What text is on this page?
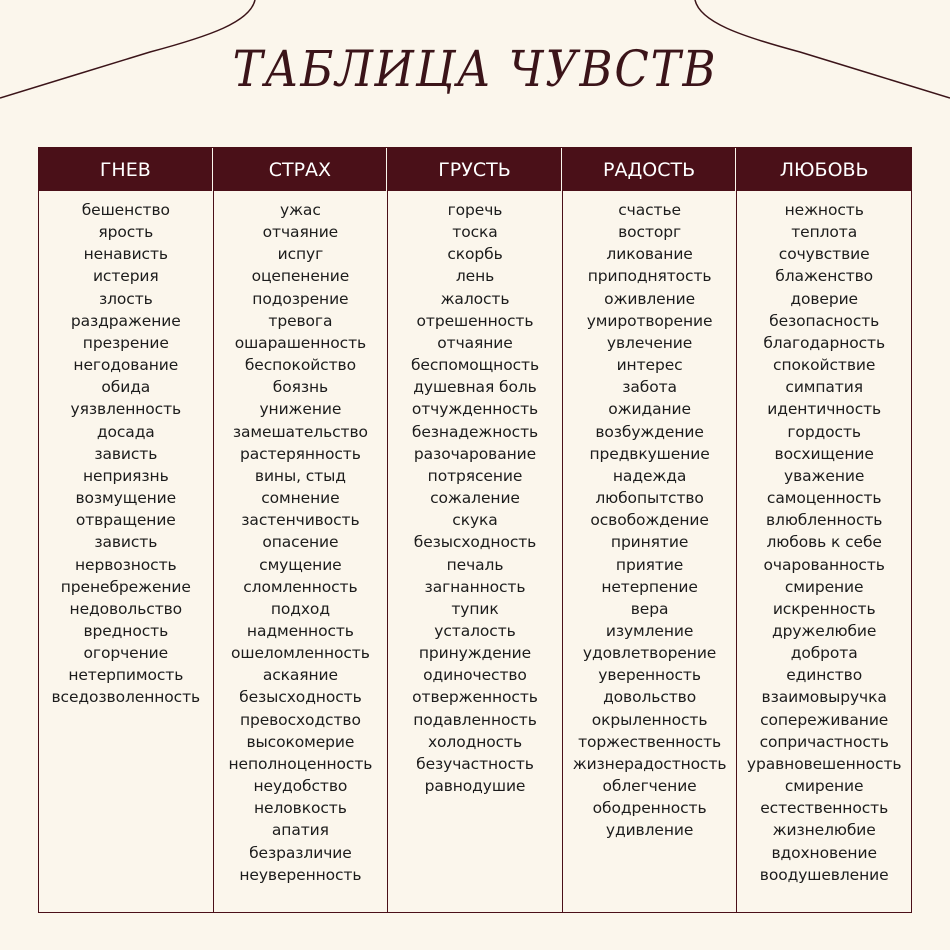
ТАБЛИЦА ЧУВСТВ
ГНЕВ
бешенство
ярость
ненависть
истерия
злость
раздражение
презрение
негодование
обида
уязвленность
досада
зависть
неприязнь
возмущение
отвращение
зависть
нервозность
пренебрежение
недовольство
вредность
огорчение
нетерпимость
вседозволенность
СТРАХ
ужас
отчаяние
испуг
оцепенение
подозрение
тревога
ошарашенность
беспокойство
боязнь
унижение
замешательство
растерянность
вины, стыд
сомнение
застенчивость
опасение
смущение
сломленность
подход
надменность
ошеломленность
аскаяние
безысходность
превосходство
высокомерие
неполноценность
неудобство
неловкость
апатия
безразличие
неуверенность
ГРУСТЬ
горечь
тоска
скорбь
лень
жалость
отрешенность
отчаяние
беспомощность
душевная боль
отчужденность
безнадежность
разочарование
потрясение
сожаление
скука
безысходность
печаль
загнанность
тупик
усталость
принуждение
одиночество
отверженность
подавленность
холодность
безучастность
равнодушие
РАДОСТЬ
счастье
восторг
ликование
приподнятость
оживление
умиротворение
увлечение
интерес
забота
ожидание
возбуждение
предвкушение
надежда
любопытство
освобождение
принятие
приятие
нетерпение
вера
изумление
удовлетворение
уверенность
довольство
окрыленность
торжественность
жизнерадостность
облегчение
ободренность
удивление
ЛЮБОВЬ
нежность
теплота
сочувствие
блаженство
доверие
безопасность
благодарность
спокойствие
симпатия
идентичность
гордость
восхищение
уважение
самоценность
влюбленность
любовь к себе
очарованность
смирение
искренность
дружелюбие
доброта
единство
взаимовыручка
сопереживание
сопричастность
уравновешенность
смирение
естественность
жизнелюбие
вдохновение
воодушевление
